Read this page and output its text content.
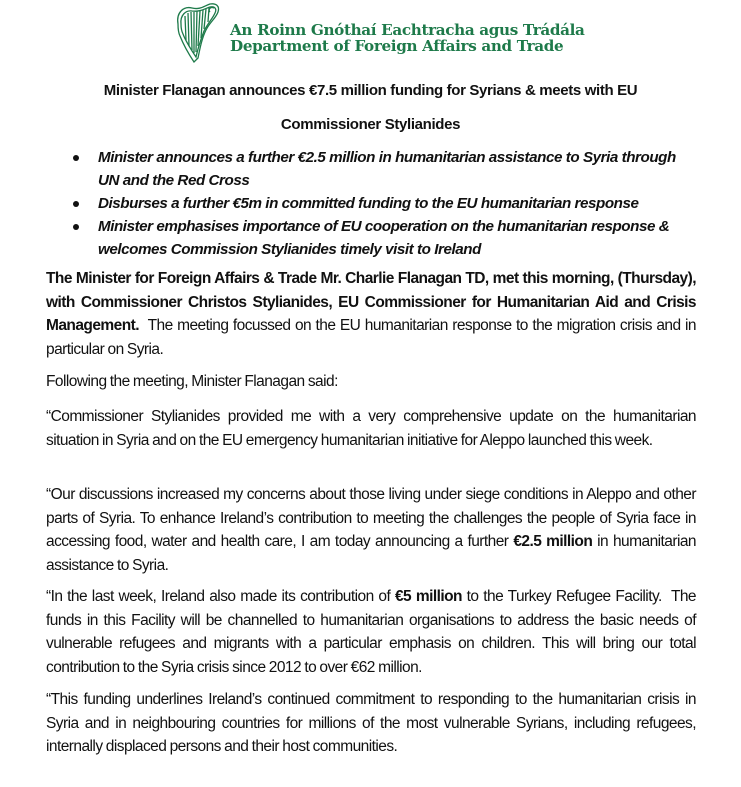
An Roinn Gnóthaí Eachtracha agus Trádála
Department of Foreign Affairs and Trade
Minister Flanagan announces €7.5 million funding for Syrians & meets with EU
Commissioner Stylianides
Minister announces a further €2.5 million in humanitarian assistance to Syria through UN and the Red Cross
Disburses a further €5m in committed funding to the EU humanitarian response
Minister emphasises importance of EU cooperation on the humanitarian response & welcomes Commission Stylianides timely visit to Ireland
The Minister for Foreign Affairs & Trade Mr. Charlie Flanagan TD, met this morning, (Thursday), with Commissioner Christos Stylianides, EU Commissioner for Humanitarian Aid and Crisis Management.  The meeting focussed on the EU humanitarian response to the migration crisis and in particular on Syria.
Following the meeting, Minister Flanagan said:
“Commissioner Stylianides provided me with a very comprehensive update on the humanitarian situation in Syria and on the EU emergency humanitarian initiative for Aleppo launched this week.
“Our discussions increased my concerns about those living under siege conditions in Aleppo and other parts of Syria. To enhance Ireland’s contribution to meeting the challenges the people of Syria face in accessing food, water and health care, I am today announcing a further €2.5 million in humanitarian assistance to Syria.
“In the last week, Ireland also made its contribution of €5 million to the Turkey Refugee Facility.  The funds in this Facility will be channelled to humanitarian organisations to address the basic needs of vulnerable refugees and migrants with a particular emphasis on children. This will bring our total contribution to the Syria crisis since 2012 to over €62 million.
“This funding underlines Ireland’s continued commitment to responding to the humanitarian crisis in Syria and in neighbouring countries for millions of the most vulnerable Syrians, including refugees, internally displaced persons and their host communities.
